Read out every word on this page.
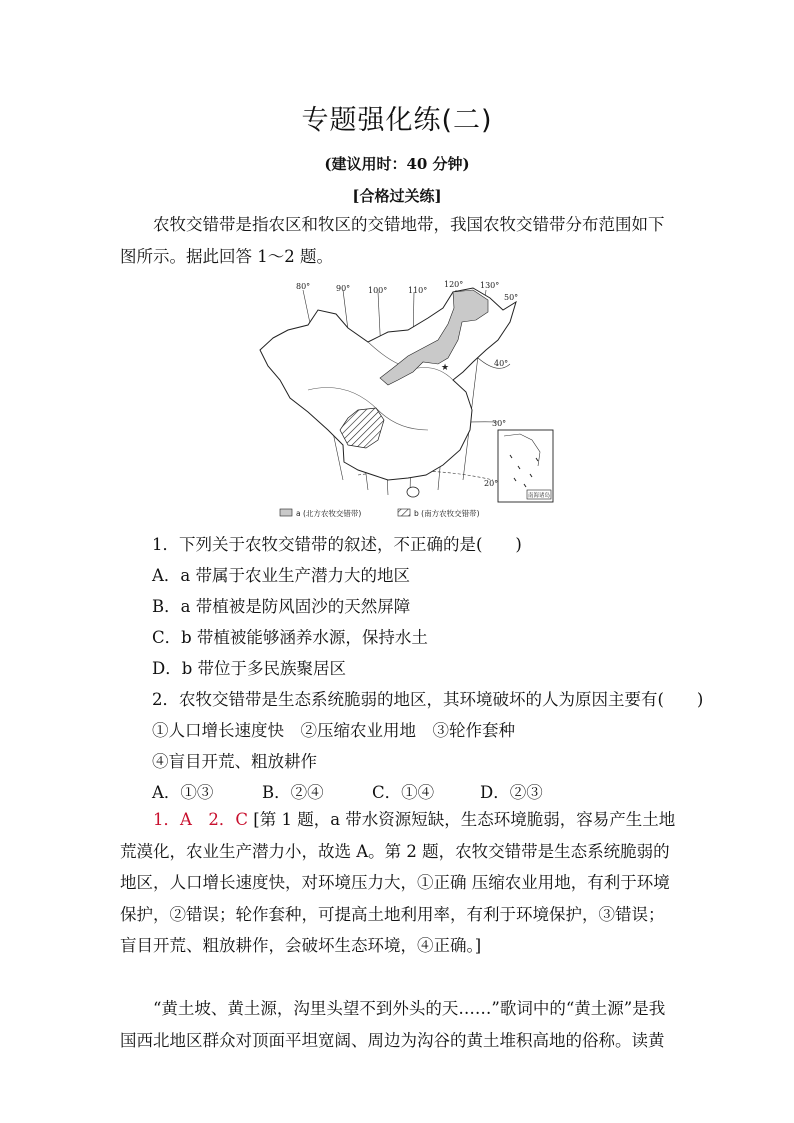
专题强化练(二)
(建议用时：40 分钟)
[合格过关练]
农牧交错带是指农区和牧区的交错地带，我国农牧交错带分布范围如下图所示。据此回答 1～2 题。
★
80°	90° 100°	110°
120° 130°
50°
40°
30°
20°
南海诸岛
a (北方农牧交错带)	b (南方农牧交错带)
1．下列关于农牧交错带的叙述，不正确的是(　　)
A．a 带属于农业生产潜力大的地区
B．a 带植被是防风固沙的天然屏障
C．b 带植被能够涵养水源，保持水土
D．b 带位于多民族聚居区
2．农牧交错带是生态系统脆弱的地区，其环境破坏的人为原因主要有(　　)
①人口增长速度快　②压缩农业用地　③轮作套种
④盲目开荒、粗放耕作
A．①③	B．②④	C．①④	D．②③
1．A　2．C [第 1 题，a 带水资源短缺，生态环境脆弱，容易产生土地荒漠化，农业生产潜力小，故选 A。第 2 题，农牧交错带是生态系统脆弱的地区，人口增长速度快，对环境压力大，①正确 压缩农业用地，有利于环境保护，②错误；轮作套种，可提高土地利用率，有利于环境保护，③错误；盲目开荒、粗放耕作，会破坏生态环境，④正确。]
“黄土坡、黄土源，沟里头望不到外头的天……”歌词中的“黄土源”是我国西北地区群众对顶面平坦宽阔、周边为沟谷的黄土堆积高地的俗称。读黄
